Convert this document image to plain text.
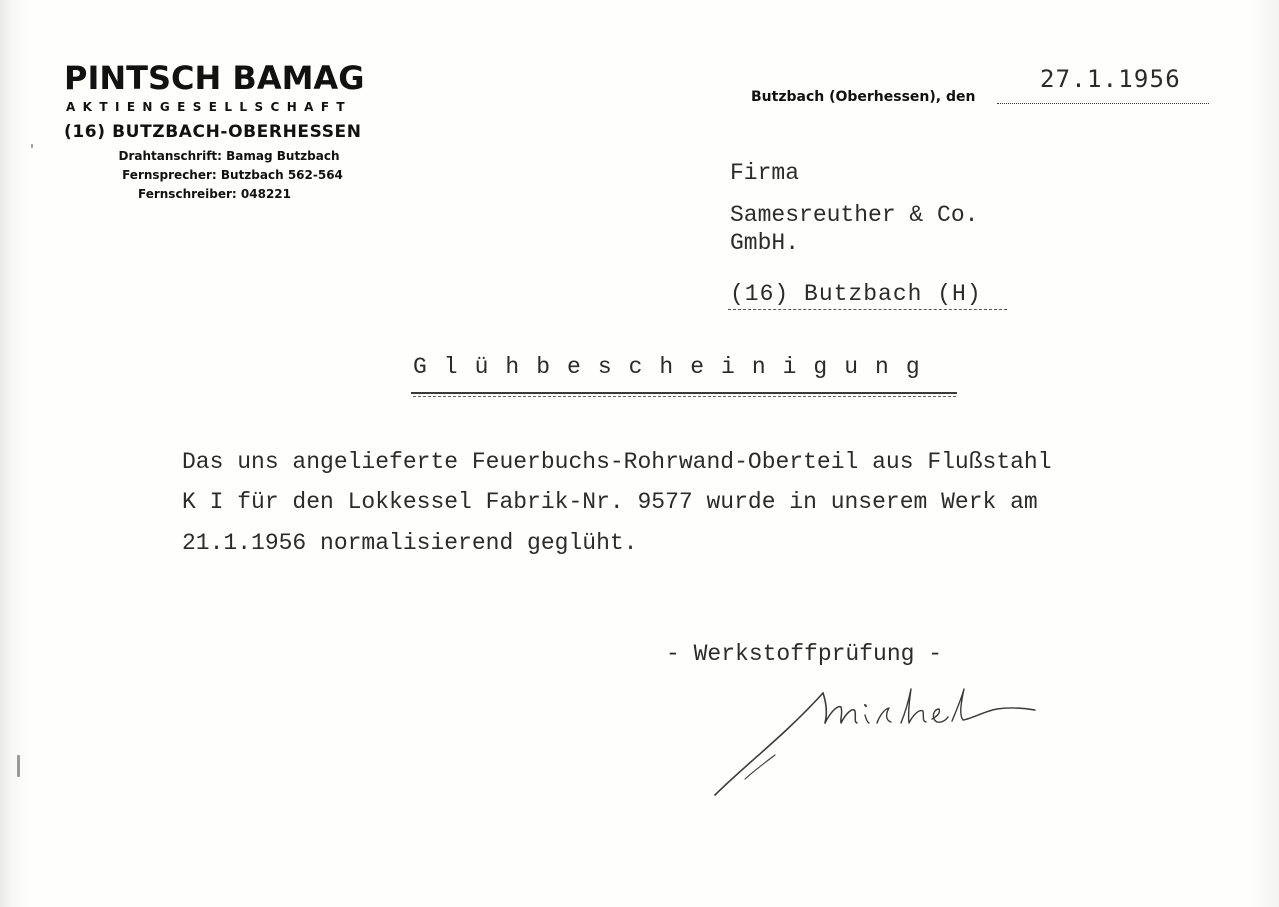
PINTSCH BAMAG
AKTIENGESELLSCHAFT
(16) BUTZBACH-OBERHESSEN
Drahtanschrift: Bamag Butzbach
Fernsprecher: Butzbach 562-564
Fernschreiber: 048221
Butzbach (Oberhessen), den
27.1.1956
Firma
Samesreuther & Co.
GmbH.
(16) Butzbach (H)
Glühbescheinigung
Das uns angelieferte Feuerbuchs-Rohrwand-Oberteil aus Flußstahl
K I für den Lokkessel Fabrik-Nr. 9577 wurde in unserem Werk am
21.1.1956 normalisierend geglüht.
- Werkstoffprüfung -
